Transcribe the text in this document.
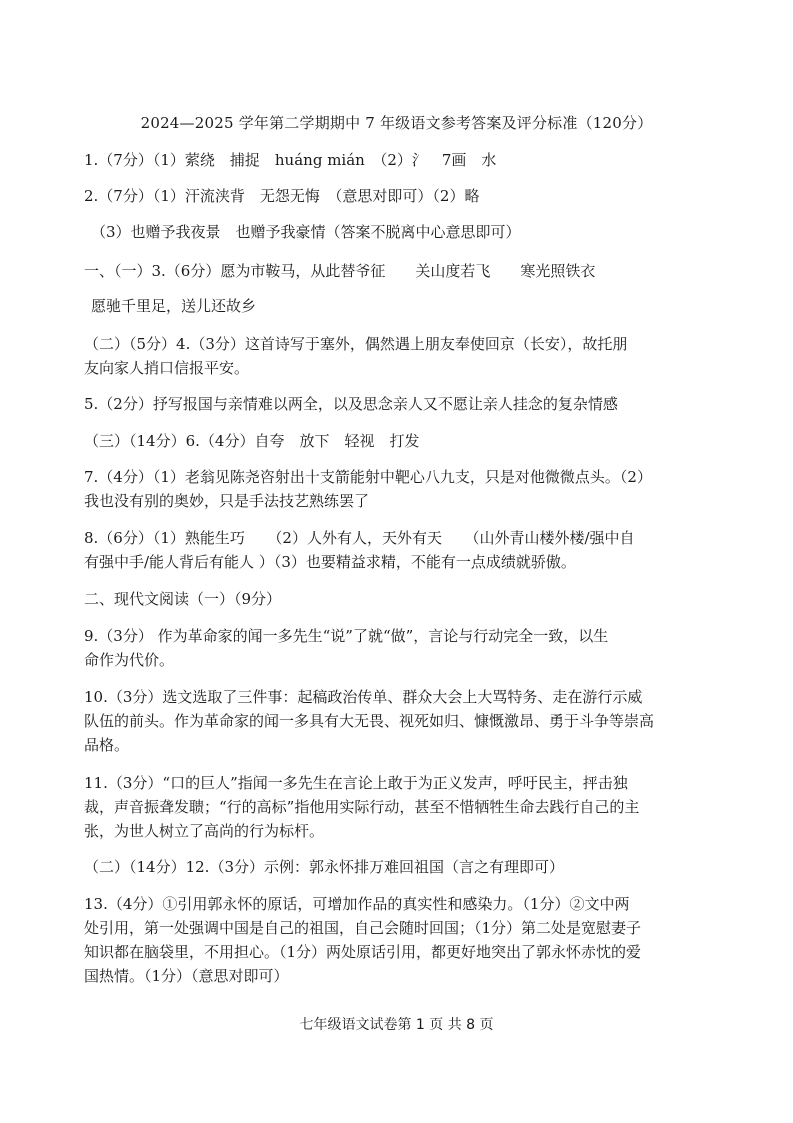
2024—2025 学年第二学期期中 7 年级语文参考答案及评分标准（120分）
1.（7分）（1）萦绕　捕捉　huáng mián　（2）氵　7画　水
2.（7分）（1）汗流浃背　无怨无悔　（意思对即可）（2）略
（3）也赠予我夜景　也赠予我豪情（答案不脱离中心意思即可）
一、（一）3.（6分）愿为市鞍马，从此替爷征　　关山度若飞　　寒光照铁衣
愿驰千里足，送儿还故乡
（二）（5分）4.（3分）这首诗写于塞外，偶然遇上朋友奉使回京（长安），故托朋
友向家人捎口信报平安。
5.（2分）抒写报国与亲情难以两全，以及思念亲人又不愿让亲人挂念的复杂情感
（三）（14分）6.（4分）自夸　放下　轻视　打发
7.（4分）（1）老翁见陈尧咨射出十支箭能射中靶心八九支，只是对他微微点头。（2）
我也没有别的奥妙，只是手法技艺熟练罢了
8.（6分）（1）熟能生巧　　（2）人外有人，天外有天　　（山外青山楼外楼/强中自
有强中手/能人背后有能人 ）（3）也要精益求精，不能有一点成绩就骄傲。
二、现代文阅读（一）（9分）
9.（3分） 作为革命家的闻一多先生“说”了就“做”，言论与行动完全一致，以生
命作为代价。
10.（3分）选文选取了三件事：起稿政治传单、群众大会上大骂特务、走在游行示威
队伍的前头。作为革命家的闻一多具有大无畏、视死如归、慷慨激昂、勇于斗争等崇高
品格。
11.（3分）“口的巨人”指闻一多先生在言论上敢于为正义发声，呼吁民主，抨击独
裁，声音振聋发聩；“行的高标”指他用实际行动，甚至不惜牺牲生命去践行自己的主
张，为世人树立了高尚的行为标杆。
（二）（14分）12.（3分）示例：郭永怀排万难回祖国（言之有理即可）
13.（4分）①引用郭永怀的原话，可增加作品的真实性和感染力。（1分）②文中两
处引用，第一处强调中国是自己的祖国，自己会随时回国；（1分）第二处是宽慰妻子
知识都在脑袋里，不用担心。（1分）两处原话引用，都更好地突出了郭永怀赤忱的爱
国热情。（1分）（意思对即可）
七年级语文试卷第 1 页 共 8 页
